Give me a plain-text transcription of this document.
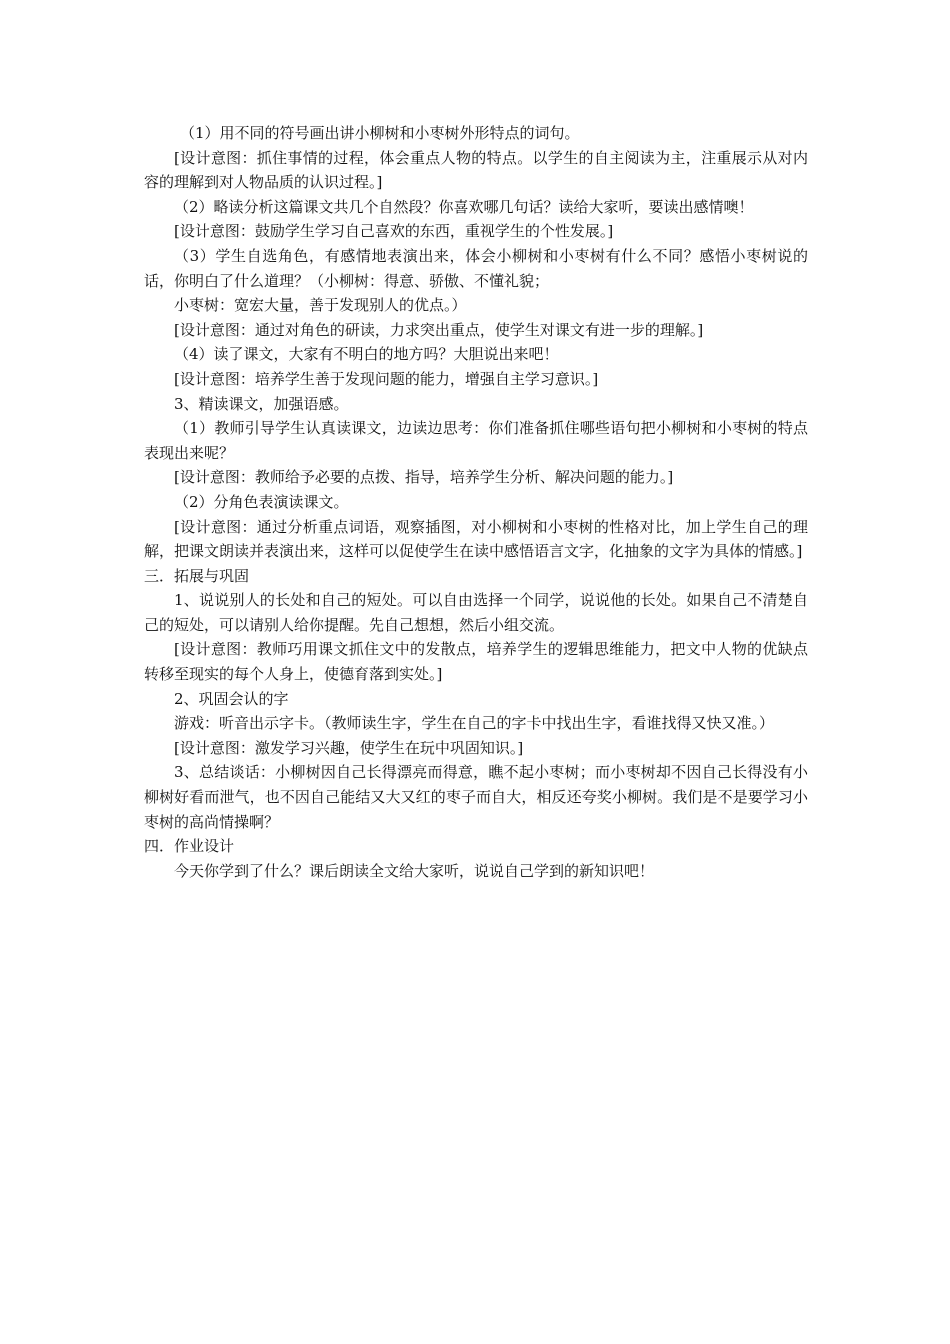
（1）用不同的符号画出讲小柳树和小枣树外形特点的词句。

[设计意图：抓住事情的过程，体会重点人物的特点。以学生的自主阅读为主，注重展示从对内容的理解到对人物品质的认识过程。]

（2）略读分析这篇课文共几个自然段？你喜欢哪几句话？读给大家听，要读出感情噢！

[设计意图：鼓励学生学习自己喜欢的东西，重视学生的个性发展。]

（3）学生自选角色，有感情地表演出来，体会小柳树和小枣树有什么不同？感悟小枣树说的话，你明白了什么道理？（小柳树：得意、骄傲、不懂礼貌；

小枣树：宽宏大量，善于发现别人的优点。）

[设计意图：通过对角色的研读，力求突出重点，使学生对课文有进一步的理解。]

（4）读了课文，大家有不明白的地方吗？大胆说出来吧！

[设计意图：培养学生善于发现问题的能力，增强自主学习意识。]

3、精读课文，加强语感。

（1）教师引导学生认真读课文，边读边思考：你们准备抓住哪些语句把小柳树和小枣树的特点表现出来呢？

[设计意图：教师给予必要的点拨、指导，培养学生分析、解决问题的能力。]

（2）分角色表演读课文。

[设计意图：通过分析重点词语，观察插图，对小柳树和小枣树的性格对比，加上学生自己的理解，把课文朗读并表演出来，这样可以促使学生在读中感悟语言文字，化抽象的文字为具体的情感。]

三．拓展与巩固

1、说说别人的长处和自己的短处。可以自由选择一个同学，说说他的长处。如果自己不清楚自己的短处，可以请别人给你提醒。先自己想想，然后小组交流。

[设计意图：教师巧用课文抓住文中的发散点，培养学生的逻辑思维能力，把文中人物的优缺点转移至现实的每个人身上，使德育落到实处。]

2、巩固会认的字

游戏：听音出示字卡。（教师读生字，学生在自己的字卡中找出生字，看谁找得又快又准。）

[设计意图：激发学习兴趣，使学生在玩中巩固知识。]

3、总结谈话：小柳树因自己长得漂亮而得意，瞧不起小枣树；而小枣树却不因自己长得没有小柳树好看而泄气，也不因自己能结又大又红的枣子而自大，相反还夸奖小柳树。我们是不是要学习小枣树的高尚情操啊？

四．作业设计

今天你学到了什么？课后朗读全文给大家听，说说自己学到的新知识吧！
